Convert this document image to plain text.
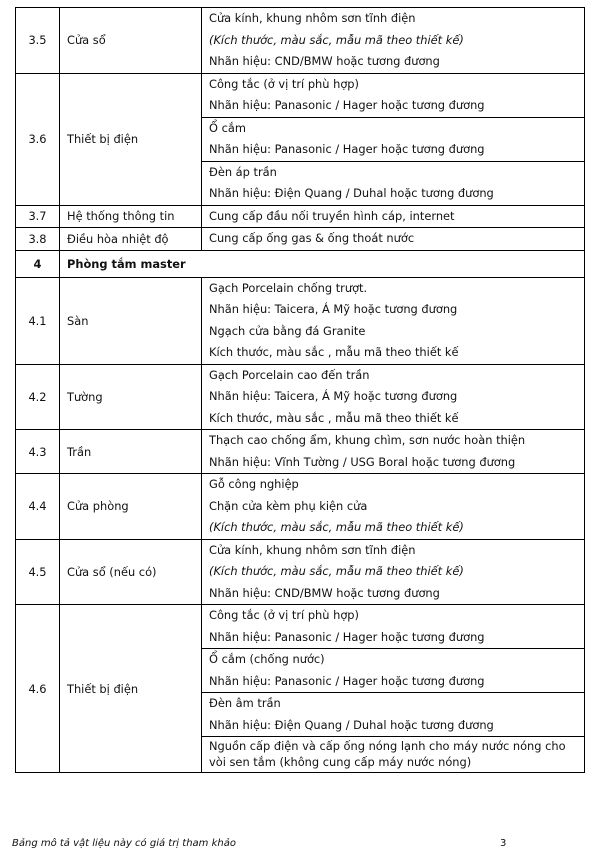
3.5	Cửa sổ	Cửa kính, khung nhôm sơn tĩnh điện
(Kích thước, màu sắc, mẫu mã theo thiết kế)
Nhãn hiệu: CND/BMW hoặc tương đương

3.6	Thiết bị điện	Công tắc (ở vị trí phù hợp)
Nhãn hiệu: Panasonic / Hager hoặc tương đương

		Ổ cắm
Nhãn hiệu: Panasonic / Hager hoặc tương đương

		Đèn áp trần
Nhãn hiệu: Điện Quang / Duhal hoặc tương đương

3.7	Hệ thống thông tin	Cung cấp đầu nối truyền hình cáp, internet

3.8	Điều hòa nhiệt độ	Cung cấp ống gas & ống thoát nước

4	Phòng tắm master	
4.1	Sàn	Gạch Porcelain chống trượt.
Nhãn hiệu: Taicera, Á Mỹ hoặc tương đương
Ngạch cửa bằng đá Granite
Kích thước, màu sắc , mẫu mã theo thiết kế

4.2	Tường	Gạch Porcelain cao đến trần
Nhãn hiệu: Taicera, Á Mỹ hoặc tương đương
Kích thước, màu sắc , mẫu mã theo thiết kế

4.3	Trần	Thạch cao chống ẩm, khung chìm, sơn nước hoàn thiện
Nhãn hiệu: Vĩnh Tường / USG Boral hoặc tương đương

4.4	Cửa phòng	Gỗ công nghiệp
Chặn cửa kèm phụ kiện cửa
(Kích thước, màu sắc, mẫu mã theo thiết kế)

4.5	Cửa sổ (nếu có)	Cửa kính, khung nhôm sơn tĩnh điện
(Kích thước, màu sắc, mẫu mã theo thiết kế)
Nhãn hiệu: CND/BMW hoặc tương đương

4.6	Thiết bị điện	Công tắc (ở vị trí phù hợp)
Nhãn hiệu: Panasonic / Hager hoặc tương đương

		Ổ cắm (chống nước)
Nhãn hiệu: Panasonic / Hager hoặc tương đương

		Đèn âm trần
Nhãn hiệu: Điện Quang / Duhal hoặc tương đương

		Nguồn cấp điện và cấp ống nóng lạnh cho máy nước nóng cho vòi sen tắm (không cung cấp máy nước nóng)
Bảng mô tả vật liệu này có giá trị tham khảo	3
